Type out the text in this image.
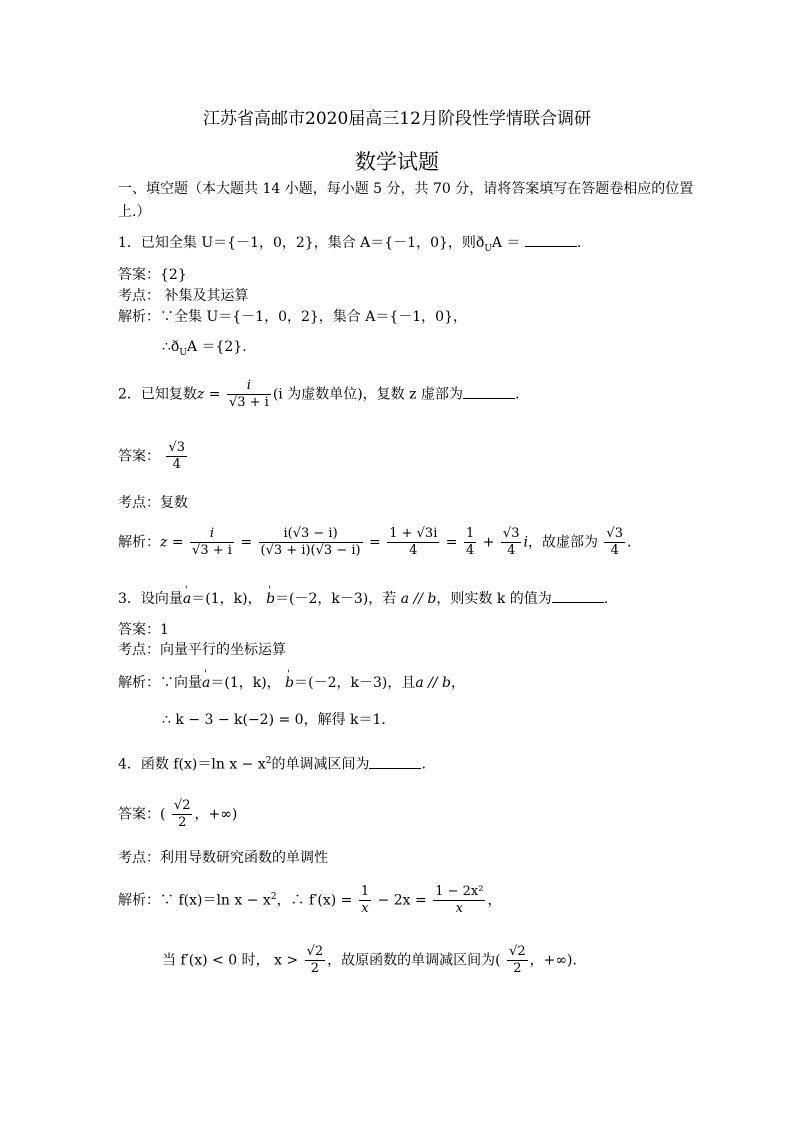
江苏省高邮市2020届高三12月阶段性学情联合调研
数学试题
一、填空题（本大题共 14 小题，每小题 5 分，共 70 分，请将答案填写在答题卷相应的位置
上.）
1．已知全集 U＝{－1，0，2}，集合 A＝{－1，0}，则$ð_UA$ ＝	.
答案：{2}
考点： 补集及其运算
解析：∵全集 U＝{－1，0，2}，集合 A＝{－1，0}，
$\therefore ð_UA =\{2\}$.
2．已知复数$z = \frac{i}{√3 + i} (i$ 为虚数单位)，复数 z 虚部为	.
答案： $\frac{√3}{4}$
考点：复数
解析：$z = \frac{i}{√3 + i} = \frac{i(√3 - i)}{(√3 + i)(√3 - i)} = \frac{1 + √3i}{4} = \frac{1}{4} + \frac{√3}{4}$ i，故虚部为 $\frac{√3}{4}$ .
3．设向量' a＝(1，k)， ' b＝(－2，k－3)，若 a // b，则实数 k 的值为	.
答案：1
考点：向量平行的坐标运算
解析：∵向量' a＝(1，k)， ' b＝(－2，k－3)，且a // b，
∴ k − 3 − k(−2) = 0，解得 k＝1.
4．函数 f(x)＝ln $x - x^2$的单调减区间为	.
答案：( $\frac{√2}{2}$ ，+∞)
考点：利用导数研究函数的单调性
解析：∵ f(x)＝ln $x - x^2$，∴ $f'(x) = \frac{1}{x} - 2x = \frac{\text{1 − 2x²}}{x}$ ，
当 f′(x) < 0 时， $x > \frac{√2}{2}$ ，故原函数的单调减区间为( $\frac{√2}{2}$ ，+∞).
